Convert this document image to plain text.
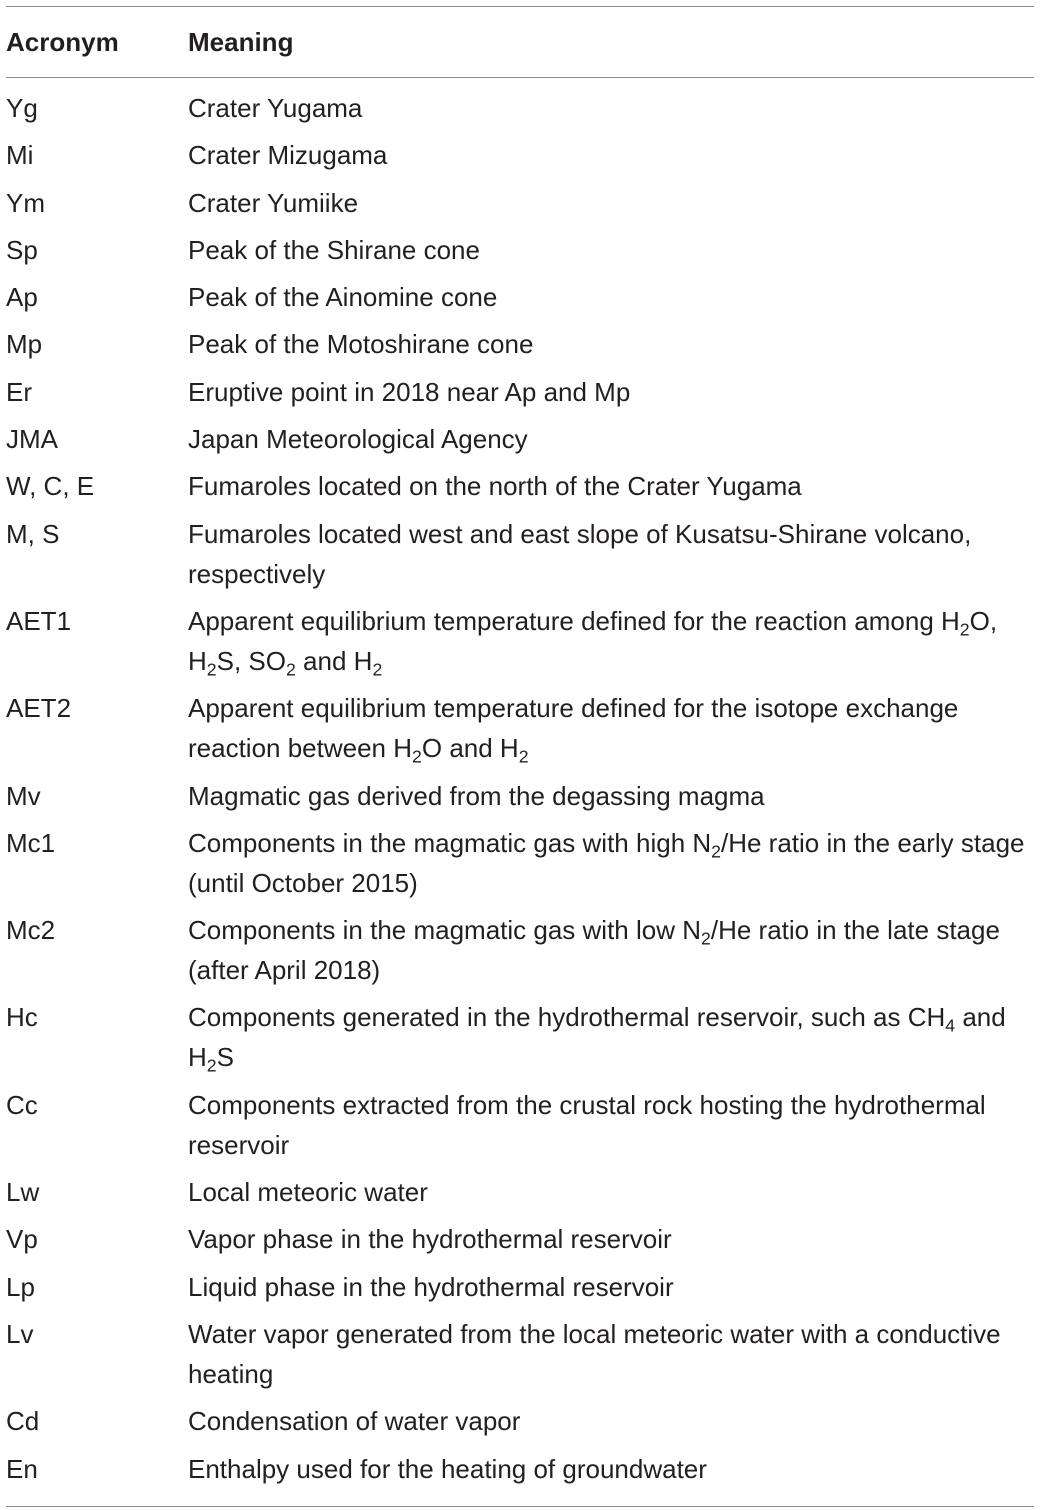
Acronym	Meaning
Yg	Crater Yugama
Mi	Crater Mizugama
Ym	Crater Yumiike
Sp	Peak of the Shirane cone
Ap	Peak of the Ainomine cone
Mp	Peak of the Motoshirane cone
Er	Eruptive point in 2018 near Ap and Mp
JMA	Japan Meteorological Agency
W, C, E	Fumaroles located on the north of the Crater Yugama
M, S	Fumaroles located west and east slope of Kusatsu-Shirane volcano, respectively
AET1	Apparent equilibrium temperature defined for the reaction among $H_2O$, $H_2S$, $SO_2$ and $H_2$
AET2	Apparent equilibrium temperature defined for the isotope exchange reaction between $H_2O$ and $H_2$
Mv	Magmatic gas derived from the degassing magma
Mc1	Components in the magmatic gas with high $N_2/He$ ratio in the early stage (until October 2015)
Mc2	Components in the magmatic gas with low $N_2/He$ ratio in the late stage (after April 2018)
Hc	Components generated in the hydrothermal reservoir, such as $CH_4$ and $H_2S$
Cc	Components extracted from the crustal rock hosting the hydrothermal reservoir
Lw	Local meteoric water
Vp	Vapor phase in the hydrothermal reservoir
Lp	Liquid phase in the hydrothermal reservoir
Lv	Water vapor generated from the local meteoric water with a conductive heating
Cd	Condensation of water vapor
En	Enthalpy used for the heating of groundwater
